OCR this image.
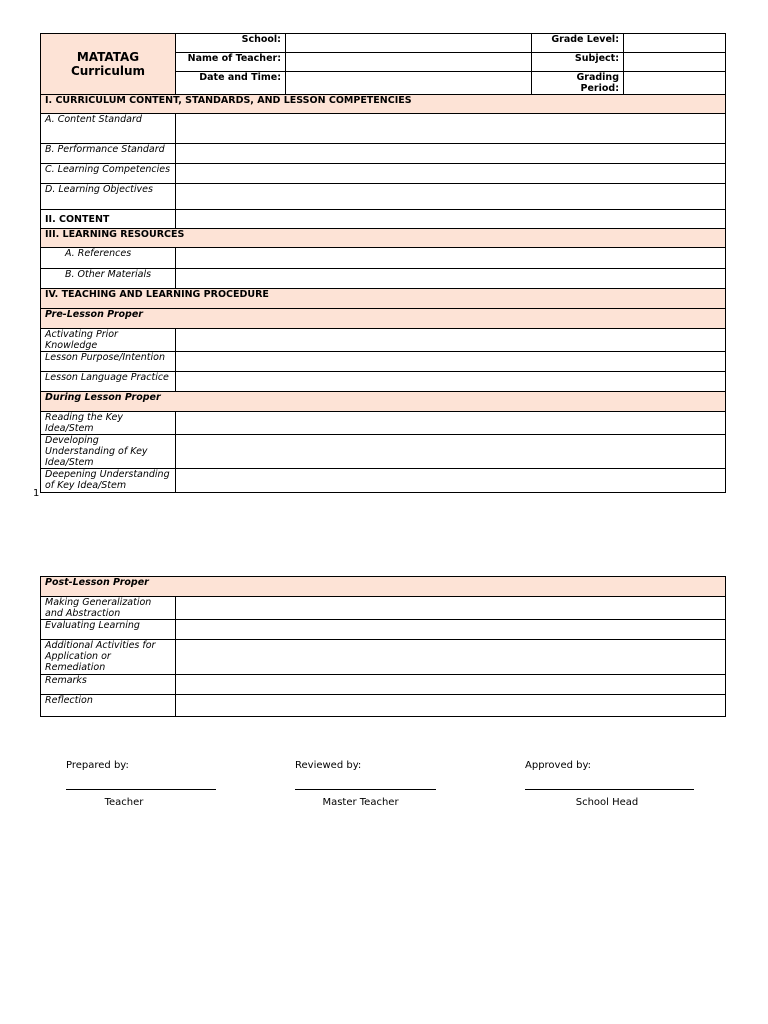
MATATAG
Curriculum	School:		Grade Level:	
	Name of Teacher:		Subject:	
	Date and Time:		Grading Period:	
I. CURRICULUM CONTENT, STANDARDS, AND LESSON COMPETENCIES				
A. Content Standard				
B. Performance Standard				
C. Learning Competencies				
D. Learning Objectives				
II. CONTENT				
III. LEARNING RESOURCES				
A. References				
B. Other Materials				
IV. TEACHING AND LEARNING PROCEDURE				
Pre-Lesson Proper				
Activating Prior Knowledge				
Lesson Purpose/Intention				
Lesson Language Practice				
During Lesson Proper				
Reading the Key Idea/Stem				
Developing Understanding of Key Idea/Stem				
Deepening Understanding of Key Idea/Stem				
1
Post-Lesson Proper	
Making Generalization and Abstraction	
Evaluating Learning	
Additional Activities for Application or Remediation	
Remarks	
Reflection	
Prepared by:
Teacher
Reviewed by:
Master Teacher
Approved by:
School Head
